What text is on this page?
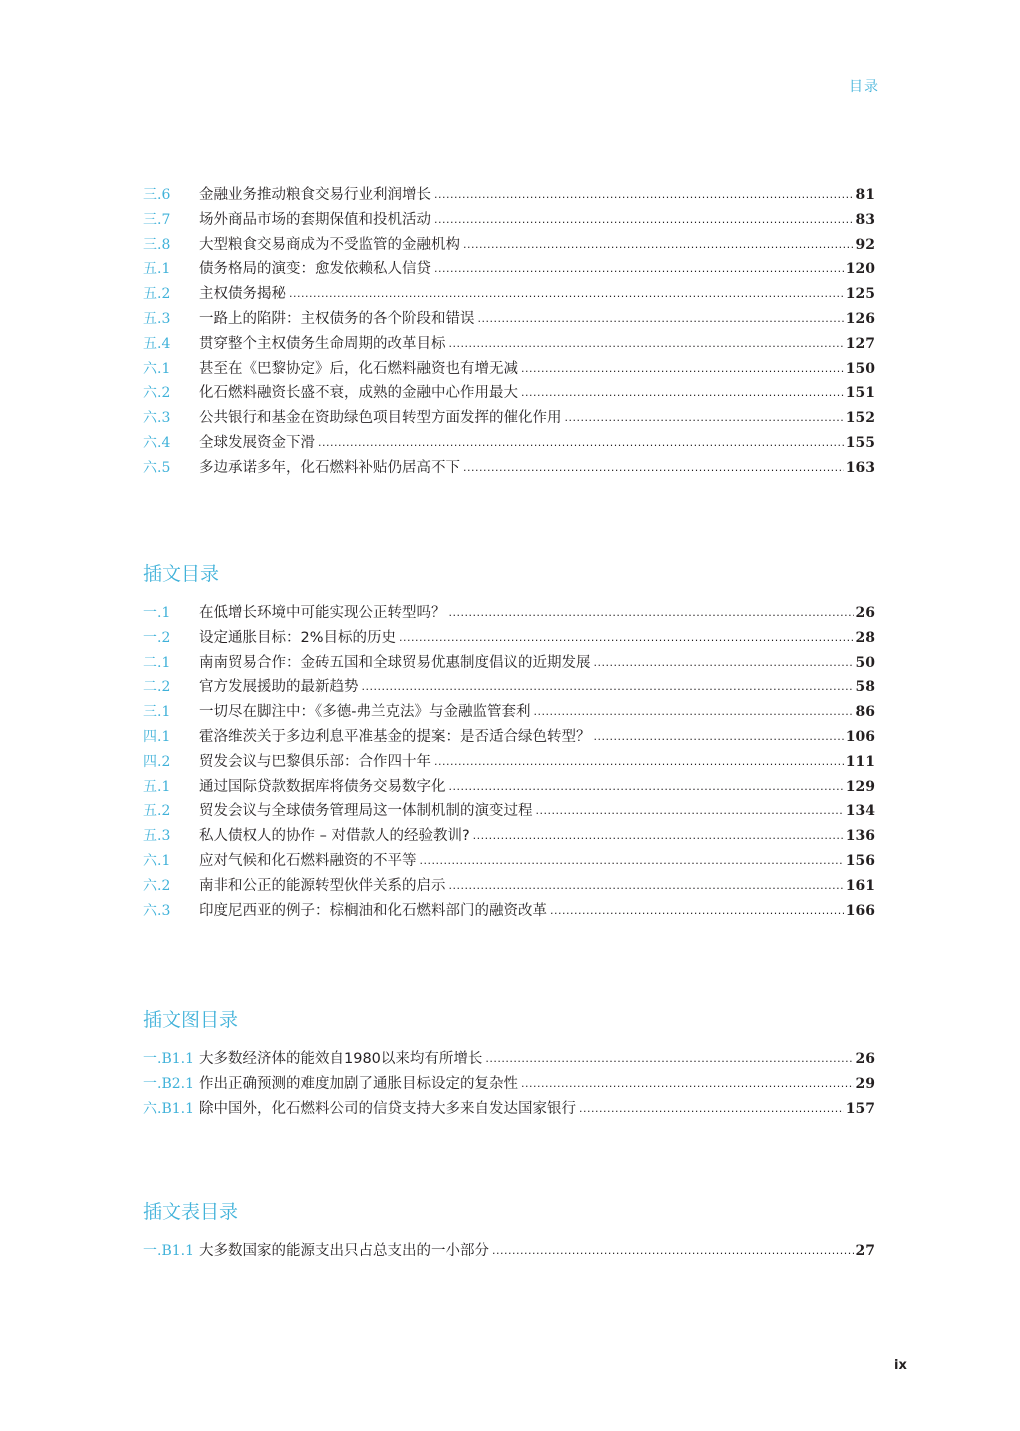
目录
三.6	金融业务推动粮食交易行业利润增长 .....	81
三.7	场外商品市场的套期保值和投机活动 .....	83
三.8	大型粮食交易商成为不受监管的金融机构 .....	92
五.1	债务格局的演变：愈发依赖私人信贷 .....	120
五.2	主权债务揭秘 .....	125
五.3	一路上的陷阱：主权债务的各个阶段和错误 .....	126
五.4	贯穿整个主权债务生命周期的改革目标 .....	127
六.1	甚至在《巴黎协定》后，化石燃料融资也有增无减 .....	150
六.2	化石燃料融资长盛不衰，成熟的金融中心作用最大 .....	151
六.3	公共银行和基金在资助绿色项目转型方面发挥的催化作用 .....	152
六.4	全球发展资金下滑 .....	155
六.5	多边承诺多年，化石燃料补贴仍居高不下 .....	163
插文目录
一.1	在低增长环境中可能实现公正转型吗？ .....	26
一.2	设定通胀目标：2%目标的历史 .....	28
二.1	南南贸易合作：金砖五国和全球贸易优惠制度倡议的近期发展 .....	50
二.2	官方发展援助的最新趋势 .....	58
三.1	一切尽在脚注中：《多德-弗兰克法》与金融监管套利 .....	86
四.1	霍洛维茨关于多边利息平准基金的提案：是否适合绿色转型？ .....	106
四.2	贸发会议与巴黎俱乐部：合作四十年 .....	111
五.1	通过国际贷款数据库将债务交易数字化 .....	129
五.2	贸发会议与全球债务管理局这一体制机制的演变过程 .....	134
五.3	私人债权人的协作 – 对借款人的经验教训? .....	136
六.1	应对气候和化石燃料融资的不平等 .....	156
六.2	南非和公正的能源转型伙伴关系的启示 .....	161
六.3	印度尼西亚的例子：棕榈油和化石燃料部门的融资改革 .....	166
插文图目录
一.B1.1 大多数经济体的能效自1980以来均有所增长 .....	26
一.B2.1 作出正确预测的难度加剧了通胀目标设定的复杂性 .....	29
六.B1.1 除中国外，化石燃料公司的信贷支持大多来自发达国家银行 .....	157
插文表目录
一.B1.1 大多数国家的能源支出只占总支出的一小部分 .....	27
ix
